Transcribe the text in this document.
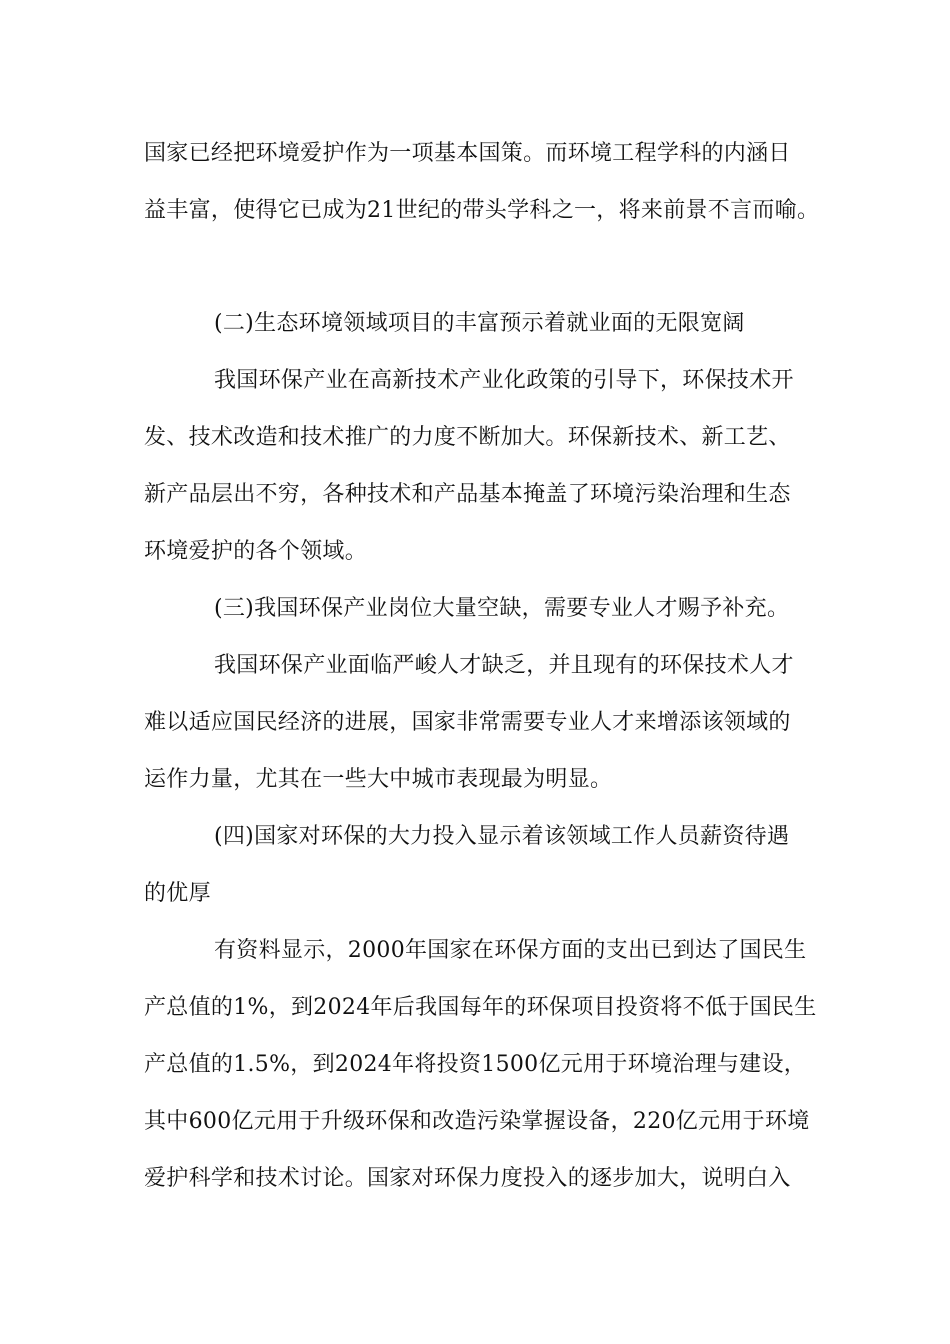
国家已经把环境爱护作为一项基本国策。而环境工程学科的内涵日
益丰富，使得它已成为21世纪的带头学科之一，将来前景不言而喻。
(二)生态环境领域项目的丰富预示着就业面的无限宽阔
我国环保产业在高新技术产业化政策的引导下，环保技术开
发、技术改造和技术推广的力度不断加大。环保新技术、新工艺、
新产品层出不穷，各种技术和产品基本掩盖了环境污染治理和生态
环境爱护的各个领域。
(三)我国环保产业岗位大量空缺，需要专业人才赐予补充。
我国环保产业面临严峻人才缺乏，并且现有的环保技术人才
难以适应国民经济的进展，国家非常需要专业人才来增添该领域的
运作力量，尤其在一些大中城市表现最为明显。
(四)国家对环保的大力投入显示着该领域工作人员薪资待遇
的优厚
有资料显示，2000年国家在环保方面的支出已到达了国民生
产总值的1%，到2024年后我国每年的环保项目投资将不低于国民生
产总值的1.5%，到2024年将投资1500亿元用于环境治理与建设，
其中600亿元用于升级环保和改造污染掌握设备，220亿元用于环境
爱护科学和技术讨论。国家对环保力度投入的逐步加大，说明白入
